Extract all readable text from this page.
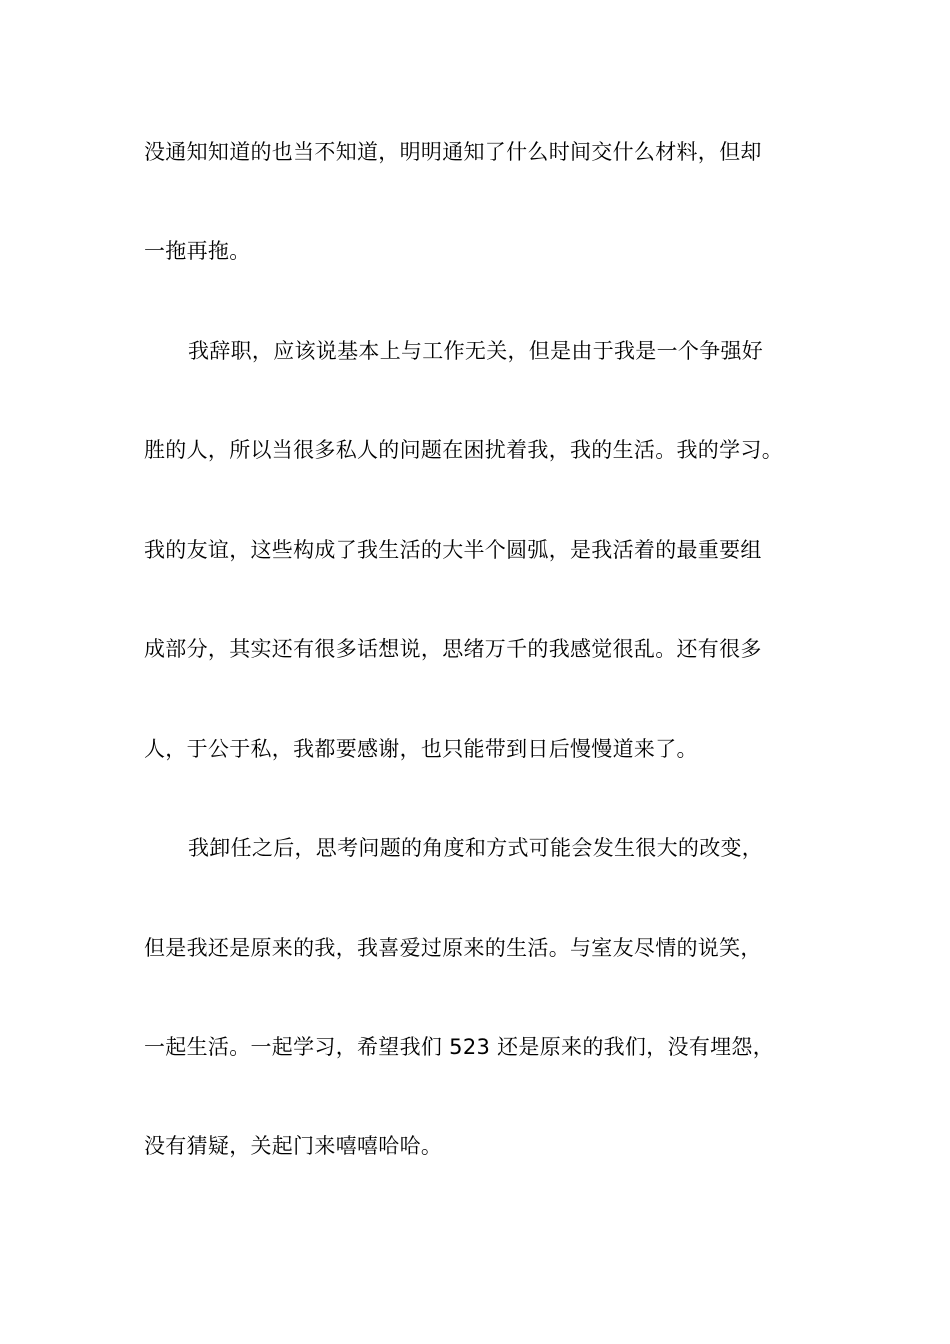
没通知知道的也当不知道，明明通知了什么时间交什么材料，但却
一拖再拖。
我辞职，应该说基本上与工作无关，但是由于我是一个争强好
胜的人，所以当很多私人的问题在困扰着我，我的生活。我的学习。
我的友谊，这些构成了我生活的大半个圆弧，是我活着的最重要组
成部分，其实还有很多话想说，思绪万千的我感觉很乱。还有很多
人，于公于私，我都要感谢，也只能带到日后慢慢道来了。
我卸任之后，思考问题的角度和方式可能会发生很大的改变，
但是我还是原来的我，我喜爱过原来的生活。与室友尽情的说笑，
一起生活。一起学习，希望我们 523 还是原来的我们，没有埋怨，
没有猜疑，关起门来嘻嘻哈哈。
